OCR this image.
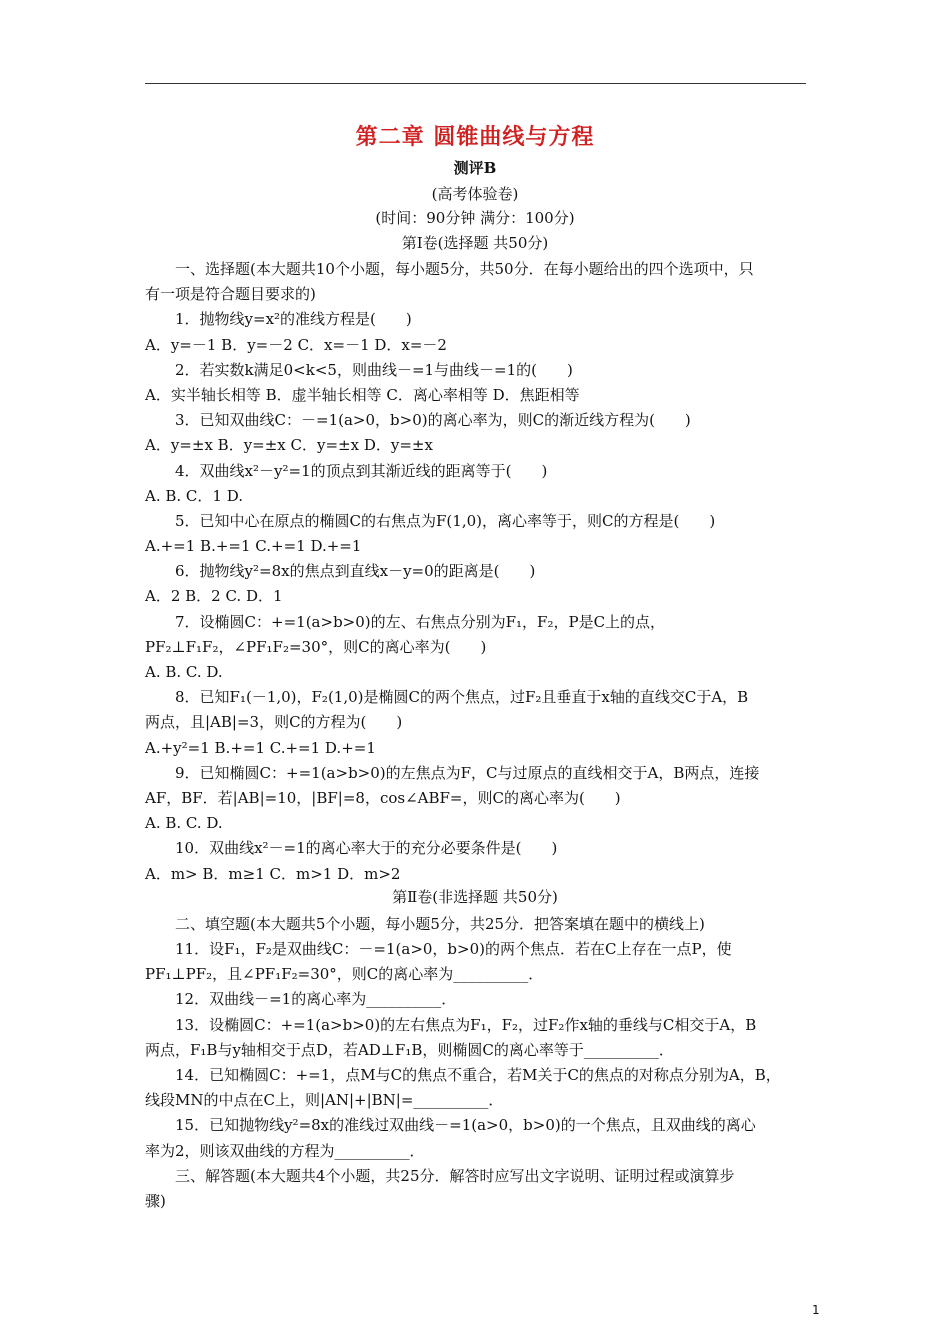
第二章 圆锥曲线与方程
测评B
(高考体验卷)
(时间：90分钟 满分：100分)
第Ⅰ卷(选择题 共50分)
第Ⅱ卷(非选择题 共50分)
一、选择题(本大题共10个小题，每小题5分，共50分．在每小题给出的四个选项中，只
有一项是符合题目要求的)
1．抛物线y=x²的准线方程是(　　)
A．y=－1 B．y=－2 C．x=－1 D．x=－2
2．若实数k满足0<k<5，则曲线－=1与曲线－=1的(　　)
A．实半轴长相等 B．虚半轴长相等 C．离心率相等 D．焦距相等
3．已知双曲线C：－=1(a>0，b>0)的离心率为，则C的渐近线方程为(　　)
A．y=±x B．y=±x C．y=±x D．y=±x
4．双曲线x²－y²=1的顶点到其渐近线的距离等于(　　)
A. B. C．1 D.
5．已知中心在原点的椭圆C的右焦点为F(1,0)，离心率等于，则C的方程是(　　)
A.+=1 B.+=1 C.+=1 D.+=1
6．抛物线y²=8x的焦点到直线x－y=0的距离是(　　)
A．2 B．2 C. D．1
7．设椭圆C：+=1(a>b>0)的左、右焦点分别为F₁，F₂，P是C上的点，
PF₂⊥F₁F₂，∠PF₁F₂=30°，则C的离心率为(　　)
A. B. C. D.
8．已知F₁(－1,0)，F₂(1,0)是椭圆C的两个焦点，过F₂且垂直于x轴的直线交C于A，B
两点，且|AB|=3，则C的方程为(　　)
A.+y²=1 B.+=1 C.+=1 D.+=1
9．已知椭圆C：+=1(a>b>0)的左焦点为F，C与过原点的直线相交于A，B两点，连接
AF，BF．若|AB|=10，|BF|=8，cos∠ABF=，则C的离心率为(　　)
A. B. C. D.
10．双曲线x²－=1的离心率大于的充分必要条件是(　　)
A．m> B．m≥1 C．m>1 D．m>2
二、填空题(本大题共5个小题，每小题5分，共25分．把答案填在题中的横线上)
11．设F₁，F₂是双曲线C：－=1(a>0，b>0)的两个焦点．若在C上存在一点P，使
PF₁⊥PF₂，且∠PF₁F₂=30°，则C的离心率为__________．
12．双曲线－=1的离心率为__________．
13．设椭圆C：+=1(a>b>0)的左右焦点为F₁，F₂，过F₂作x轴的垂线与C相交于A，B
两点，F₁B与y轴相交于点D，若AD⊥F₁B，则椭圆C的离心率等于__________．
14．已知椭圆C：+=1，点M与C的焦点不重合，若M关于C的焦点的对称点分别为A，B，
线段MN的中点在C上，则|AN|+|BN|=__________．
15．已知抛物线y²=8x的准线过双曲线－=1(a>0，b>0)的一个焦点，且双曲线的离心
率为2，则该双曲线的方程为__________．
三、解答题(本大题共4个小题，共25分．解答时应写出文字说明、证明过程或演算步
骤)
1
